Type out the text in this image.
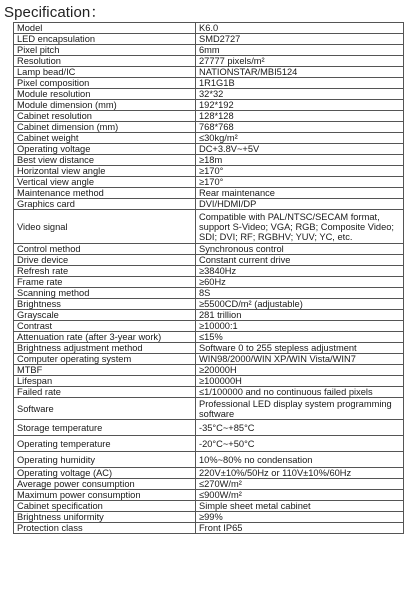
Specification：
Model	K6.0
LED encapsulation	SMD2727
Pixel pitch	6mm
Resolution	27777 pixels/m²
Lamp bead/IC	NATIONSTAR/MBI5124
Pixel composition	1R1G1B
Module resolution	32*32
Module dimension (mm)	192*192
Cabinet resolution	128*128
Cabinet dimension (mm)	768*768
Cabinet weight	≤30kg/m²
Operating voltage	DC+3.8V~+5V
Best view distance	≥18m
Horizontal view angle	≥170°
Vertical view angle	≥170°
Maintenance method	Rear maintenance
Graphics card	DVI/HDMI/DP
Video signal	Compatible with PAL/NTSC/SECAM format, support S-Video; VGA; RGB; Composite Video; SDI; DVI; RF; RGBHV; YUV; YC, etc.
Control method	Synchronous control
Drive device	Constant current drive
Refresh rate	≥3840Hz
Frame rate	≥60Hz
Scanning method	8S
Brightness	≥5500CD/m² (adjustable)
Grayscale	281 trillion
Contrast	≥10000:1
Attenuation rate (after 3-year work)	≤15%
Brightness adjustment method	Software 0 to 255 stepless adjustment
Computer operating system	WIN98/2000/WIN XP/WIN Vista/WIN7
MTBF	≥20000H
Lifespan	≥100000H
Failed rate	≤1/100000 and no continuous failed pixels
Software	Professional LED display system programming software
Storage temperature	-35°C~+85°C
Operating temperature	-20°C~+50°C
Operating humidity	10%~80% no condensation
Operating voltage (AC)	220V±10%/50Hz or 110V±10%/60Hz
Average power consumption	≤270W/m²
Maximum power consumption	≤900W/m²
Cabinet specification	Simple sheet metal cabinet
Brightness uniformity	≥99%
Protection class	Front IP65
